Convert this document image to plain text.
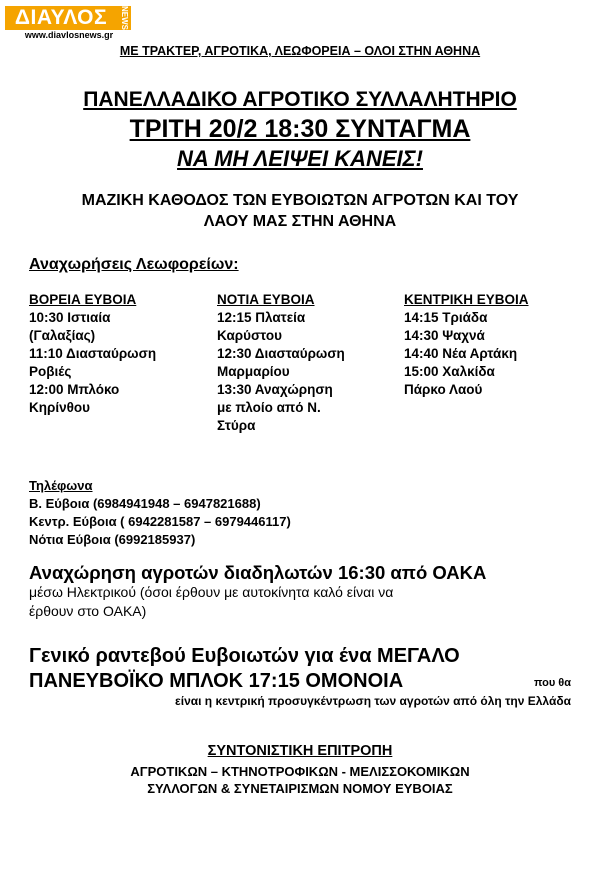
ΔΙΑΥΛΟΣ	NEWS
www.diavlosnews.gr
ΜΕ ΤΡΑΚΤΕΡ, ΑΓΡΟΤΙΚΑ, ΛΕΩΦΟΡΕΙΑ – ΟΛΟΙ ΣΤΗΝ ΑΘΗΝΑ
ΠΑΝΕΛΛΑΔΙΚΟ ΑΓΡΟΤΙΚΟ ΣΥΛΛΑΛΗΤΗΡΙΟ
ΤΡΙΤΗ 20/2 18:30 ΣΥΝΤΑΓΜΑ
ΝΑ ΜΗ ΛΕΙΨΕΙ ΚΑΝΕΙΣ!
ΜΑΖΙΚΗ ΚΑΘΟΔΟΣ ΤΩΝ ΕΥΒΟΙΩΤΩΝ ΑΓΡΟΤΩΝ ΚΑΙ ΤΟΥ
ΛΑΟΥ ΜΑΣ ΣΤΗΝ ΑΘΗΝΑ
Αναχωρήσεις Λεωφορείων:
ΒΟΡΕΙΑ ΕΥΒΟΙΑ
10:30 Ιστιαία
(Γαλαξίας)
11:10 Διασταύρωση
Ροβιές
12:00 Μπλόκο
Κηρίνθου
ΝΟΤΙΑ ΕΥΒΟΙΑ
12:15 Πλατεία
Καρύστου
12:30 Διασταύρωση
Μαρμαρίου
13:30 Αναχώρηση
με πλοίο από Ν.
Στύρα
ΚΕΝΤΡΙΚΗ ΕΥΒΟΙΑ
14:15 Τριάδα
14:30 Ψαχνά
14:40 Νέα Αρτάκη
15:00 Χαλκίδα
Πάρκο Λαού
Τηλέφωνα
Β. Εύβοια (6984941948 – 6947821688)
Κεντρ. Εύβοια ( 6942281587 – 6979446117)
Νότια Εύβοια (6992185937)
Αναχώρηση αγροτών διαδηλωτών 16:30 από ΟΑΚΑ
μέσω Ηλεκτρικού (όσοι έρθουν με αυτοκίνητα καλό είναι να
έρθουν στο ΟΑΚΑ)
Γενικό ραντεβού Ευβοιωτών για ένα ΜΕΓΑΛΟ
ΠΑΝΕΥΒΟΪΚΟ ΜΠΛΟΚ 17:15 ΟΜΟΝΟΙΑ	που θα
είναι η κεντρική προσυγκέντρωση των αγροτών από όλη την Ελλάδα
ΣΥΝΤΟΝΙΣΤΙΚΗ ΕΠΙΤΡΟΠΗ
ΑΓΡΟΤΙΚΩΝ – ΚΤΗΝΟΤΡΟΦΙΚΩΝ - ΜΕΛΙΣΣΟΚΟΜΙΚΩΝ
ΣΥΛΛΟΓΩΝ & ΣΥΝΕΤΑΙΡΙΣΜΩΝ ΝΟΜΟΥ ΕΥΒΟΙΑΣ
